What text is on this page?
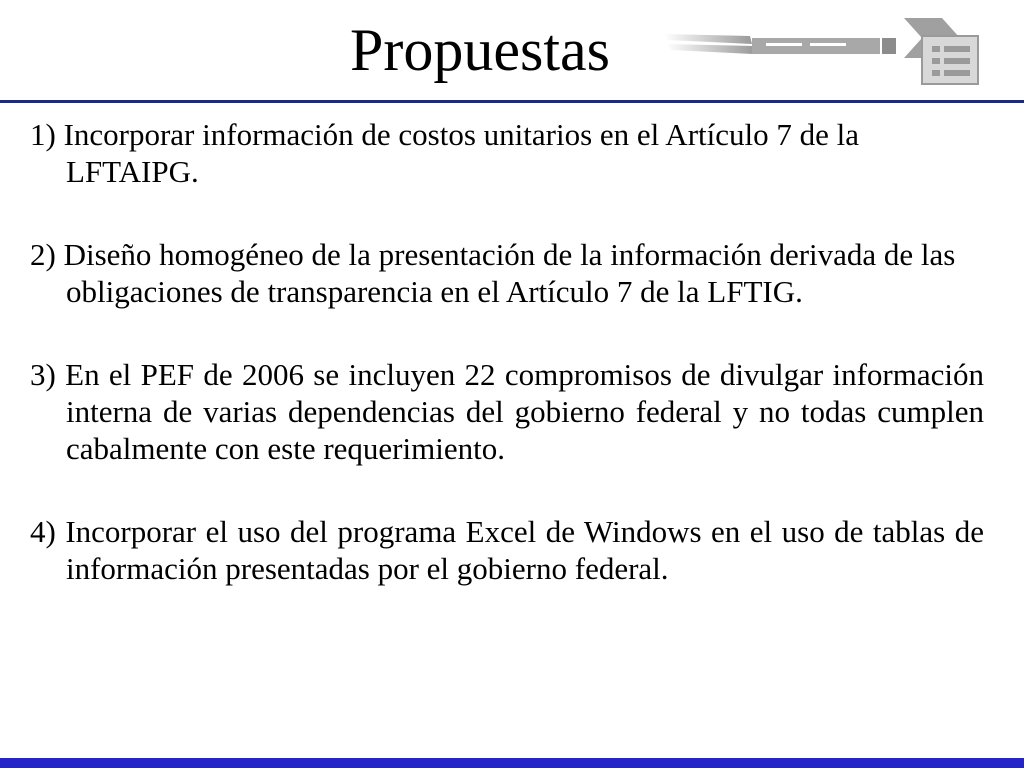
Propuestas

1) Incorporar información de costos unitarios en el Artículo 7 de la LFTAIPG.

2) Diseño homogéneo de la presentación de la información derivada de las obligaciones de transparencia en el Artículo 7 de la LFTIG.

3) En el PEF de 2006 se incluyen 22 compromisos de divulgar información interna de varias dependencias del gobierno federal y no todas cumplen cabalmente con este requerimiento.

4) Incorporar el uso del programa Excel de Windows en el uso de tablas de información presentadas por el gobierno federal.
